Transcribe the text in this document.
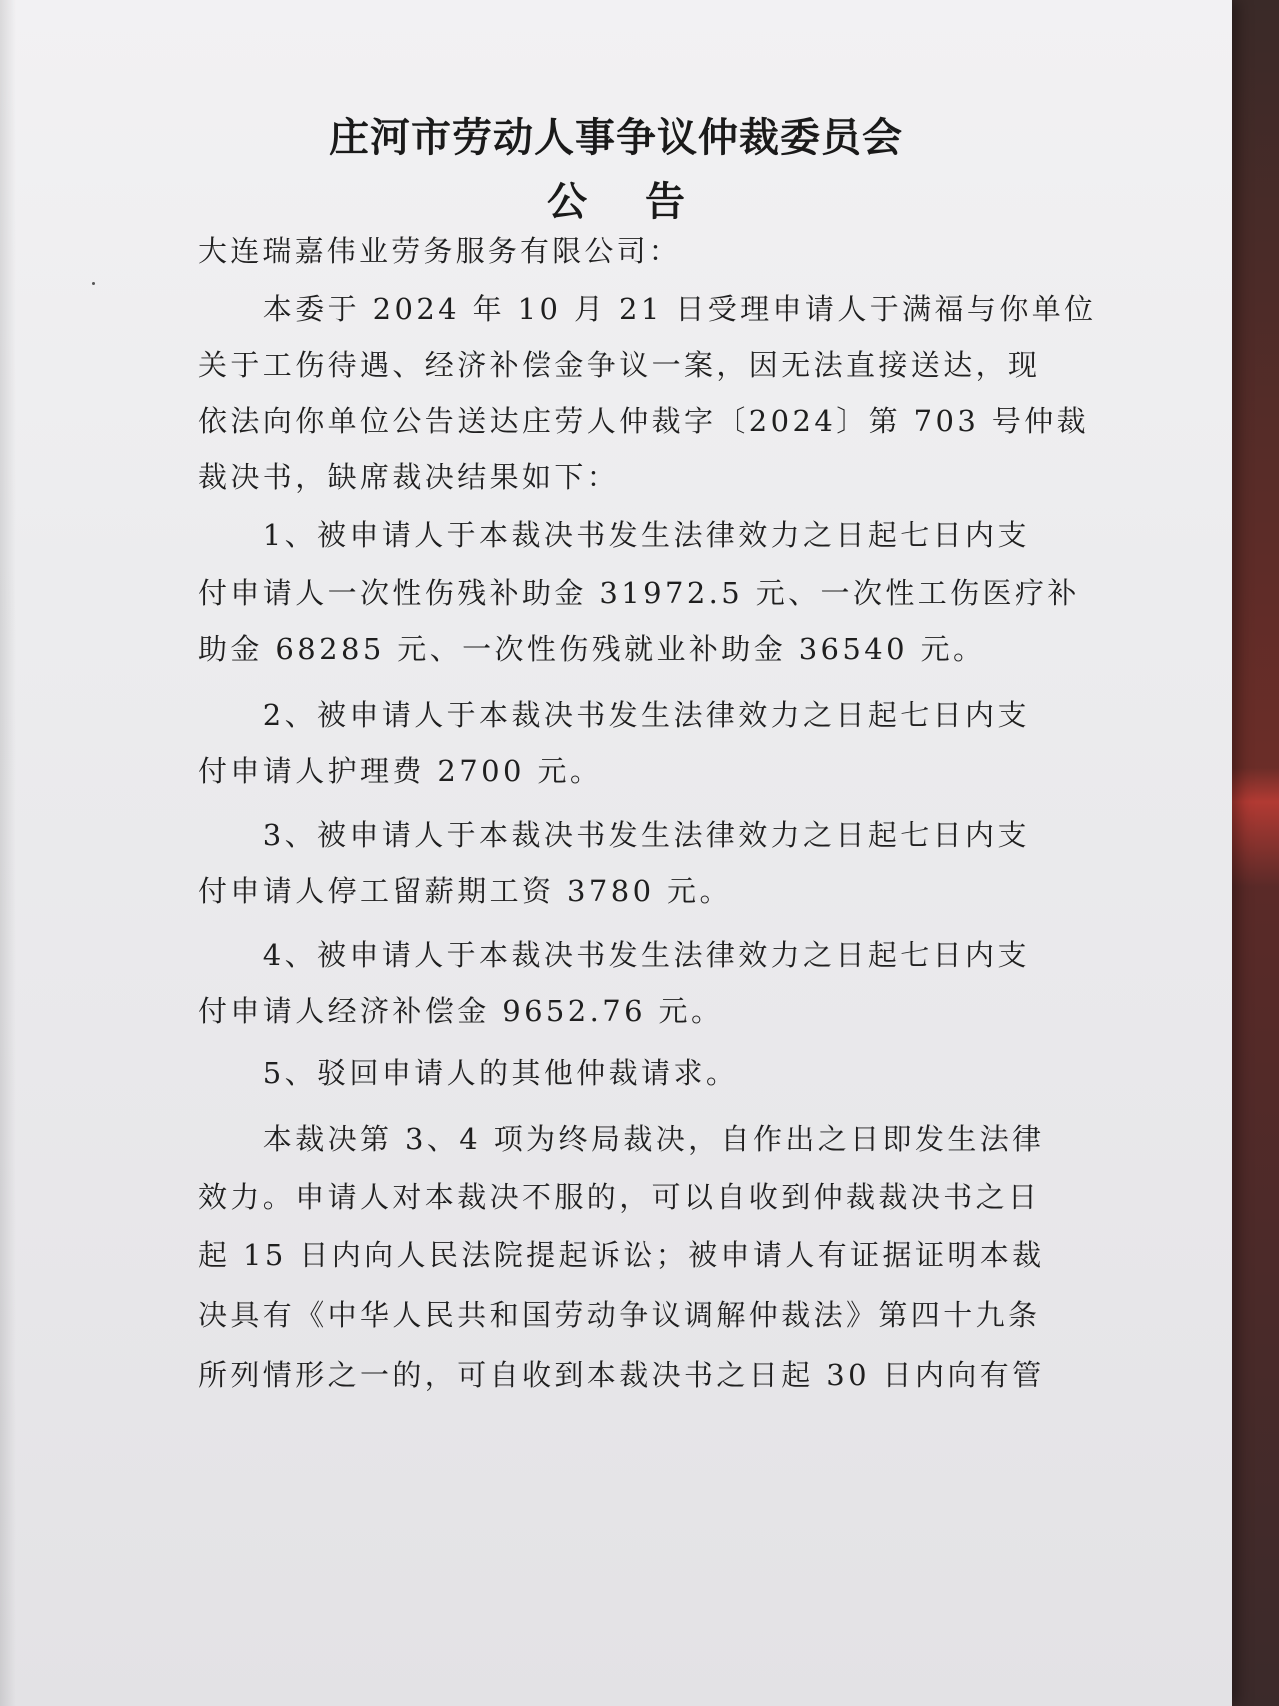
庄河市劳动人事争议仲裁委员会
公 告
大连瑞嘉伟业劳务服务有限公司：
　　本委于 2024 年 10 月 21 日受理申请人于满福与你单位
关于工伤待遇、经济补偿金争议一案，因无法直接送达，现
依法向你单位公告送达庄劳人仲裁字〔2024〕第 703 号仲裁
裁决书，缺席裁决结果如下：
　　1、被申请人于本裁决书发生法律效力之日起七日内支
付申请人一次性伤残补助金 31972.5 元、一次性工伤医疗补
助金 68285 元、一次性伤残就业补助金 36540 元。
　　2、被申请人于本裁决书发生法律效力之日起七日内支
付申请人护理费 2700 元。
　　3、被申请人于本裁决书发生法律效力之日起七日内支
付申请人停工留薪期工资 3780 元。
　　4、被申请人于本裁决书发生法律效力之日起七日内支
付申请人经济补偿金 9652.76 元。
　　5、驳回申请人的其他仲裁请求。
　　本裁决第 3、4 项为终局裁决，自作出之日即发生法律
效力。申请人对本裁决不服的，可以自收到仲裁裁决书之日
起 15 日内向人民法院提起诉讼；被申请人有证据证明本裁
决具有《中华人民共和国劳动争议调解仲裁法》第四十九条
所列情形之一的，可自收到本裁决书之日起 30 日内向有管
